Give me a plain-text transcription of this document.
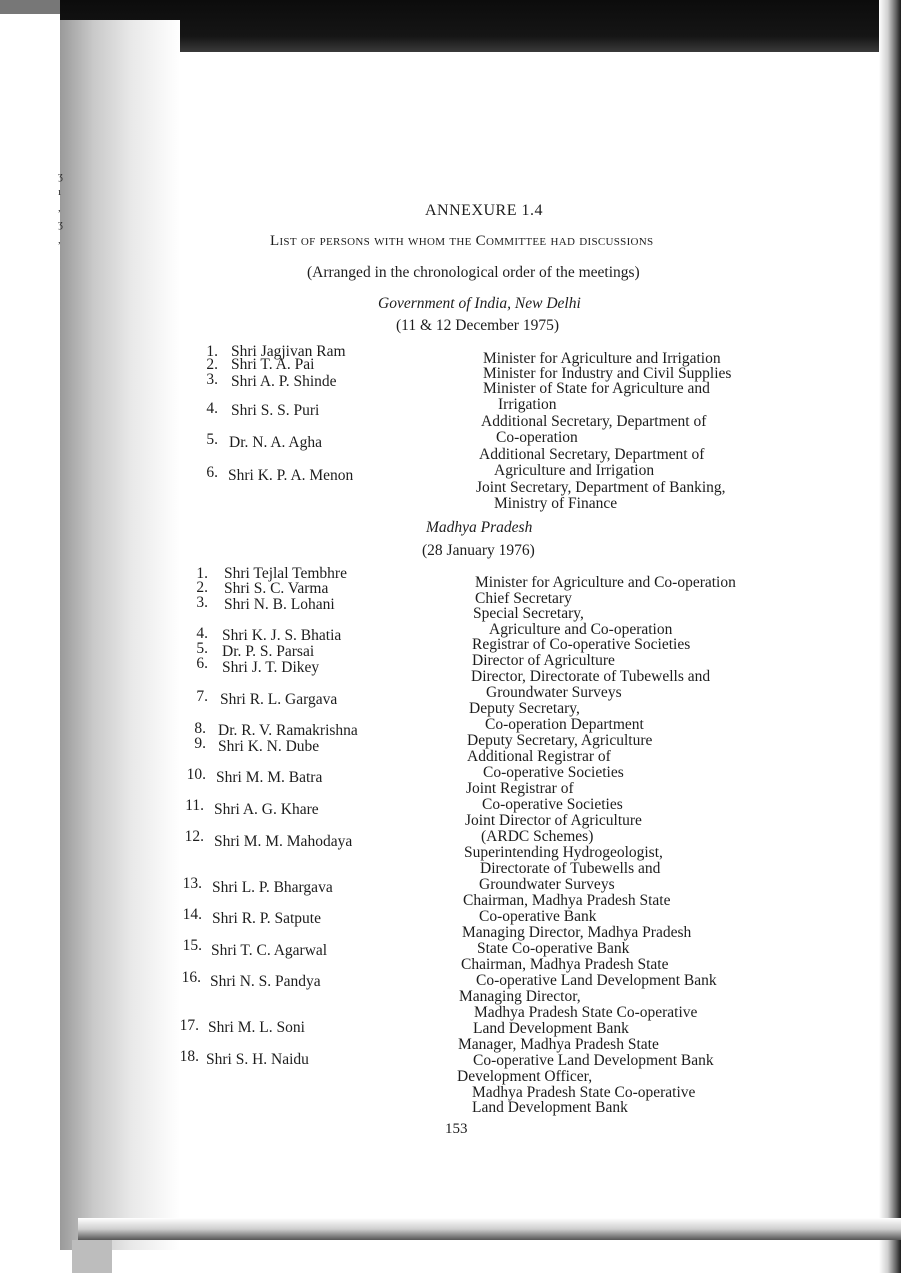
ʒ
ı
,
ʒ
,
ANNEXURE 1.4
List of persons with whom the Committee had discussions
(Arranged in the chronological order of the meetings)
Government of India, New Delhi
(11 & 12 December 1975)
1. Shri Jagjivan Ram
2. Shri T. A. Pai
3. Shri A. P. Shinde
4. Shri S. S. Puri
5. Dr. N. A. Agha
6. Shri K. P. A. Menon
Minister for Agriculture and Irrigation
Minister for Industry and Civil Supplies
Minister of State for Agriculture and
Irrigation
Additional Secretary, Department of
Co-operation
Additional Secretary, Department of
Agriculture and Irrigation
Joint Secretary, Department of Banking,
Ministry of Finance
Madhya Pradesh
(28 January 1976)
1. Shri Tejlal Tembhre
2. Shri S. C. Varma
3. Shri N. B. Lohani
4. Shri K. J. S. Bhatia
5. Dr. P. S. Parsai
6. Shri J. T. Dikey
7. Shri R. L. Gargava
8. Dr. R. V. Ramakrishna
9. Shri K. N. Dube
10. Shri M. M. Batra
11. Shri A. G. Khare
12. Shri M. M. Mahodaya
13. Shri L. P. Bhargava
14. Shri R. P. Satpute
15. Shri T. C. Agarwal
16. Shri N. S. Pandya
17. Shri M. L. Soni
18. Shri S. H. Naidu
Minister for Agriculture and Co-operation
Chief Secretary
Special Secretary,
Agriculture and Co-operation
Registrar of Co-operative Societies
Director of Agriculture
Director, Directorate of Tubewells and
Groundwater Surveys
Deputy Secretary,
Co-operation Department
Deputy Secretary, Agriculture
Additional Registrar of
Co-operative Societies
Joint Registrar of
Co-operative Societies
Joint Director of Agriculture
(ARDC Schemes)
Superintending Hydrogeologist,
Directorate of Tubewells and
Groundwater Surveys
Chairman, Madhya Pradesh State
Co-operative Bank
Managing Director, Madhya Pradesh
State Co-operative Bank
Chairman, Madhya Pradesh State
Co-operative Land Development Bank
Managing Director,
Madhya Pradesh State Co-operative
Land Development Bank
Manager, Madhya Pradesh State
Co-operative Land Development Bank
Development Officer,
Madhya Pradesh State Co-operative
Land Development Bank
153
